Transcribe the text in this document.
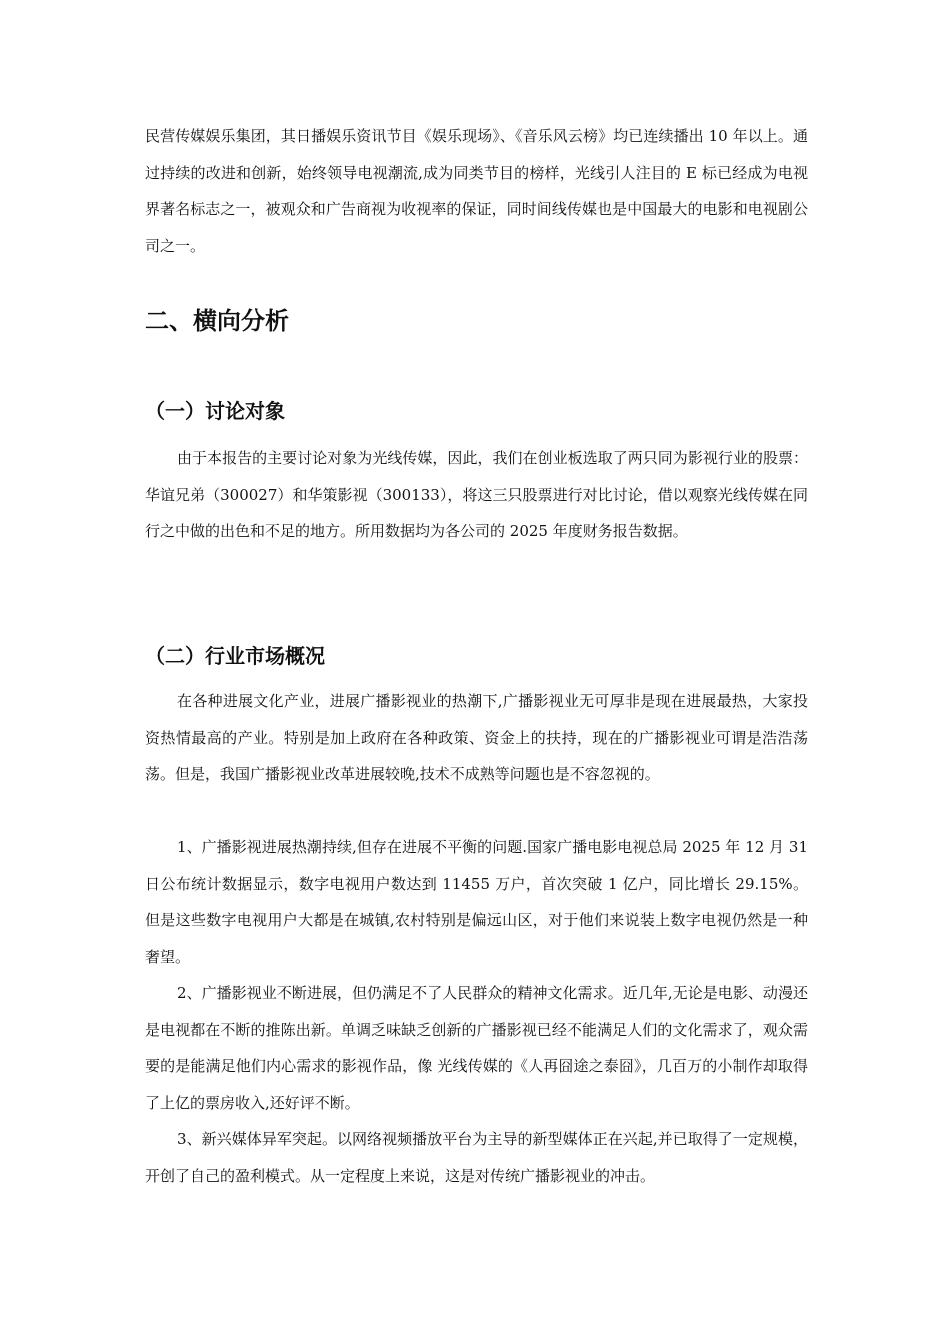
民营传媒娱乐集团，其日播娱乐资讯节目《娱乐现场》、《音乐风云榜》均已连续播出 10 年以上。通过持续的改进和创新，始终领导电视潮流,成为同类节目的榜样，光线引人注目的 E 标已经成为电视界著名标志之一，被观众和广告商视为收视率的保证，同时间线传媒也是中国最大的电影和电视剧公司之一。

二、横向分析
（一）讨论对象

由于本报告的主要讨论对象为光线传媒，因此，我们在创业板选取了两只同为影视行业的股票：华谊兄弟（300027）和华策影视（300133），将这三只股票进行对比讨论，借以观察光线传媒在同行之中做的出色和不足的地方。所用数据均为各公司的 2025 年度财务报告数据。

（二）行业市场概况

在各种进展文化产业，进展广播影视业的热潮下,广播影视业无可厚非是现在进展最热，大家投资热情最高的产业。特别是加上政府在各种政策、资金上的扶持，现在的广播影视业可谓是浩浩荡荡。但是，我国广播影视业改革进展较晚,技术不成熟等问题也是不容忽视的。

1、广播影视进展热潮持续,但存在进展不平衡的问题.国家广播电影电视总局 2025 年 12 月 31 日公布统计数据显示，数字电视用户数达到 11455 万户，首次突破 1 亿户，同比增长 29.15%。但是这些数字电视用户大都是在城镇,农村特别是偏远山区，对于他们来说装上数字电视仍然是一种奢望。

2、广播影视业不断进展，但仍满足不了人民群众的精神文化需求。近几年,无论是电影、动漫还是电视都在不断的推陈出新。单调乏味缺乏创新的广播影视已经不能满足人们的文化需求了，观众需要的是能满足他们内心需求的影视作品，像 光线传媒的《人再囧途之泰囧》，几百万的小制作却取得了上亿的票房收入,还好评不断。

3、新兴媒体异军突起。以网络视频播放平台为主导的新型媒体正在兴起,并已取得了一定规模，开创了自己的盈利模式。从一定程度上来说，这是对传统广播影视业的冲击。
